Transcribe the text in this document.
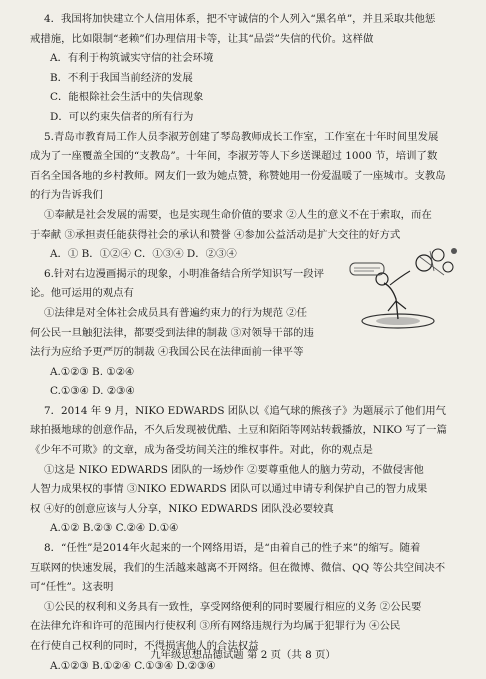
4．我国将加快建立个人信用体系，把不守诚信的个人列入“黑名单”，并且采取共他惩
戒措施，比如限制“老赖”们办理信用卡等，让其“品尝”失信的代价。这样做
A．有利于构筑诚实守信的社会环境
B．不利于我国当前经济的发展
C．能根除社会生活中的失信现象
D．可以约束失信者的所有行为
5.青岛市教育局工作人员李淑芳创建了琴岛教师成长工作室，工作室在十年时间里发展
成为了一座覆盖全国的“支教岛”。十年间，李淑芳等人下乡送课超过 1000 节，培训了数
百名全国各地的乡村教师。网友们一致为她点赞，称赞她用一份爱温暖了一座城市。支教岛
的行为告诉我们
①奉献是社会发展的需要，也是实现生命价值的要求 ②人生的意义不在于索取，而在
于奉献 ③承担责任能获得社会的承认和赞誉 ④参加公益活动是扩大交往的好方式
A．① B．①②④ C．①③④ D．②③④
6.针对右边漫画揭示的现象，小明准备结合所学知识写一段评
论。他可运用的观点有
①法律是对全体社会成员具有普遍约束力的行为规范 ②任
何公民一旦触犯法律，都要受到法律的制裁 ③对领导干部的违
法行为应给予更严厉的制裁 ④我国公民在法律面前一律平等
A.①②③ B. ①②④
C.①③④ D. ②③④
7．2014 年 9 月，NIKO EDWARDS 团队以《追气球的熊孩子》为题展示了他们用气
球拍摄地球的创意作品，不久后发现被优酷、土豆和陌陌等网站转载播放，NIKO 写了一篇
《少年不可欺》的文章，成为备受坊间关注的维权事件。对此，你的观点是
①这是 NIKO EDWARDS 团队的一场炒作 ②要尊重他人的脑力劳动，不做侵害他
人智力成果权的事情 ③NIKO EDWARDS 团队可以通过申请专利保护自己的智力成果
权 ④好的创意应该与人分享，NIKO EDWARDS 团队没必要较真
A.①② B.②③ C.②④ D.①④
8．“任性”是2014年火起来的一个网络用语，是“由着自己的性子来”的缩写。随着
互联网的快速发展，我们的生活越来越离不开网络。但在微博、微信、QQ 等公共空间决不
可“任性”。这表明
①公民的权利和义务具有一致性，享受网络便利的同时要履行相应的义务 ②公民要
在法律允许和许可的范围内行使权利 ③所有网络违规行为均属于犯罪行为 ④公民
在行使自己权利的同时，不得损害他人的合法权益
A.①②③ B.①②④ C.①③④ D.②③④
九年级思想品德试题 第 2 页（共 8 页）
